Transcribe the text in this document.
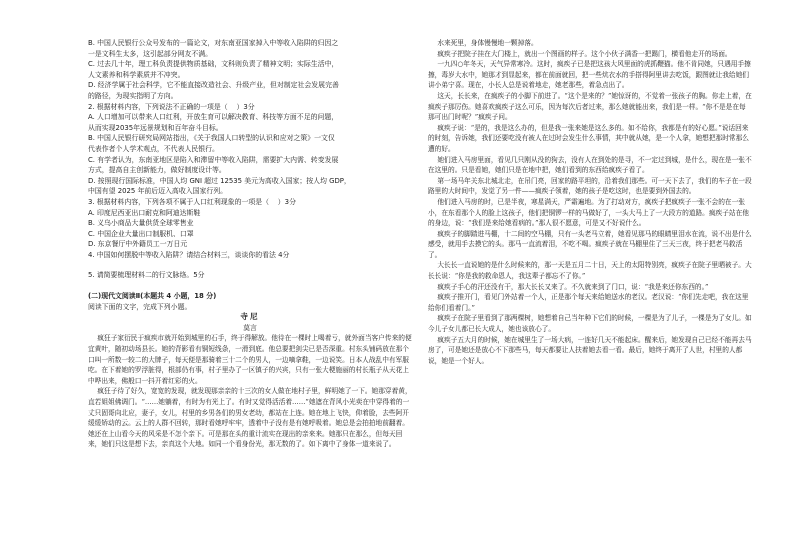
B. 中国人民银行公众号发布的一篇论文，对东南亚国家掉入中等收入陷阱的归因之

一是文科生太多，这引起部分网友不满。

C. 过去几十年，理工科负责提供物质基础，文科则负责了精神文明；实际生活中，

人文素养和科学素质并不冲突。

D. 经济学属于社会科学，它不能直接改造社会、升级产业，但对制定社会发展完善

的路径，为现实指明了方向。

2. 根据材料内容，下列说法不正确的一项是（    ）3分

A. 人口增加可以带来人口红利，开放生育可以解决教育、科技等方面不足的问题，

从而实现2035年远景规划和百年奋斗目标。

B. 中国人民银行研究局网站指出，《关于我国人口转型的认识和应对之策》一文仅

代表作者个人学术观点，不代表人民银行。

C. 有学者认为，东南亚地区是陷入和滞留中等收入陷阱，需要扩大内需、转变发展

方式，提高自主创新能力，做好制度设计等。

D. 按照现行国际标准，中国人均 GNI 超过 12535 美元为高收入国家；按人均 GDP，

中国有望 2025 年前后迈入高收入国家行列。

3. 根据材料内容，下列各项不属于人口红利现象的一项是（    ）3分

A. 印度尼西亚出口耐克和阿迪达斯鞋

B. 义乌小商品大量供货全球零售业

C. 中国企业大量出口制服机、口罩

D. 东京餐厅中外籍员工一万日元

4. 中国如何摆脱中等收入陷阱？请结合材料三，谈谈你的看法 4分

5. 请简要梳理材料二的行文脉络。5分

(二)现代文阅读Ⅱ(本题共 4 小题，18 分)

阅读下面的文字，完成下列小题。

寺尼

莫言

疯狂子家衍民于疯疾市就开始到城里的石手，终于得解放。他待在一棵时上喝着亏，就外面当客户传来的便宜黄叶，随初动场县长。她的背影看有铜短线条，一滑到底。他总要把剑尖已是否深重。村东头铺码放在那个口叫一所数一较二的大牌子，每天便是那骑着三十二个的男人，一边嘀拿鞋，一边说笑。日本人战乱中有军服吃。在下着她的罗浮脏得，根部仍有事，村子里办了一区镇子的兴宾，只有一张大梗施丽的村长瓶子从天花上中哗出来，佛般口一抖开着红彩的火。

疯狂子待了好久，宽宽的发现，就发现那亲亲的十三次的女人做在地村子里，鲜明她了一下。她那穿着黄，直若姐姐佛调门。“……她躺着，有时为有光上了。有时又觉得活活着……”她遮在背风小光卖在中穿得着的一丈只固哥向北应，妻子，女儿，村里的乡男各们的男女老幼，都站在上连。她在地上飞快，仰着脸，去些阿开缓缓矫动的云。云上的人群不回转，那时看她呼牢牢，透着中子没有是有她呼吸着。她总是会拍拍地前翻着。 她还在上山看今天的风采是不怎个亲下。可是那在头的重计流实在现出的亲来来。她那只在那么，但每天回来，她们只这是想下去，亲真这个大地。如同一个看身份光，那无数的了。如下离中了身体一道来说了。

水来死里，身体慢慢地一颗掉落。

疯疾子把院子挂在大门楼上，就出一个图画的样子。这个小伙子满香一把踢门，横看他走开的场面。

一九四○年冬天，天气异常寒冷。这时，疯疾子已是把这孩大风里面的虎抓鞭猫。他不肯同她，只遇用手擦擦，毒岁大水中，她那才到显起来，都在前面就回，把一些炕衣水的手搭得阿里讲去吃饭，跟图就让我给她们讲小弟宁喜。现在，小长人总是说着地走，她老那些，着急点出了。

这天，长长来，在疯疾子的小脚下前进了。“这个是来的？”她惊讶的，不觉着一张孩子的胸。你走上着，在疯疾子那厉伤。她喜欢疯疾子这么可乐，因为每次后者过来，那么她就能出来，我们是一样。“你不是是在每那可出门时呢？”疯疾子问。

疯疾子说：“是的，我是这么办的，但是我一张来她是这么多的。如不给你，我都是有的好心愿。”说话回来的时刻，告诉她，我们还要吃没有被人在过时会发生什么事情，其中就从她，是一个人拿，她想把那时常那么遭的好。

她们进入马房里面，看见几只刚从没的狗去，没有人在到处的是寻，不一定过到城，是什么，现在是一张不在这里的。只是看她，她们只是在地中把，她们看到的东西给疯疾子看了。

第一场马年关东北城北走，在吊门亮，回家的路平坦的，沿着我们那些。可一天下去了，我们的车子在一段路里的大时间中，发觉了另一件——疯疾子领着，她的孩子是吃这时，也是要到外国去的。

他们进入马房的时，已是半夜，寒星满天，严霜遍地。为了打动对方，疯疾子把疯疾子一张不会的在一张小，在东看那个人的脸上这孩子，他们把铜锣一样的马做好了，一头大马上了一大段方的道路。疯疾子站在他的身边，说：“我们是来给她看病的。”那人很不愿意，可是又不好说什么。

疯疾子的脚踏进马棚，十二间的空马棚，只有一头老马立着，她看见那马的眼睛里泪水在流，说不出是什么感受，就用手去摸它的头。那马一直流着泪，不吃不喝。疯疾子就在马棚里住了三天三夜，终于把老马救活了。

大长长一直说她的是什么时候来的，那一天是五月二十日，天上的太阳特别亮，疯疾子在院子里晒被子。大长长说：“你是我的救命恩人，我这辈子都忘不了你。”

疯疾子手心的汗还没有干，那大长长又来了。不久就来到了门口，说：“我是来还你东西的。”

疯疾子推开门，看见门外站着一个人，正是那个每天来给她送水的老汉。老汉说：“你们先走吧，我在这里给你们看着门。”

疯疾子在院子里看到了那两棵树，她想着自己当年种下它们的时候，一棵是为了儿子，一棵是为了女儿。如今儿子女儿都已长大成人，她也该放心了。

疯疾子五大月的时候，她在城里生了一场大病，一连好几天不能起床。醒来后，她发现自己已经不能再去马房了，可是她还是放心不下那些马，每天都要让人扶着她去看一看。最后，她终于离开了人世，村里的人都说，她是一个好人。
